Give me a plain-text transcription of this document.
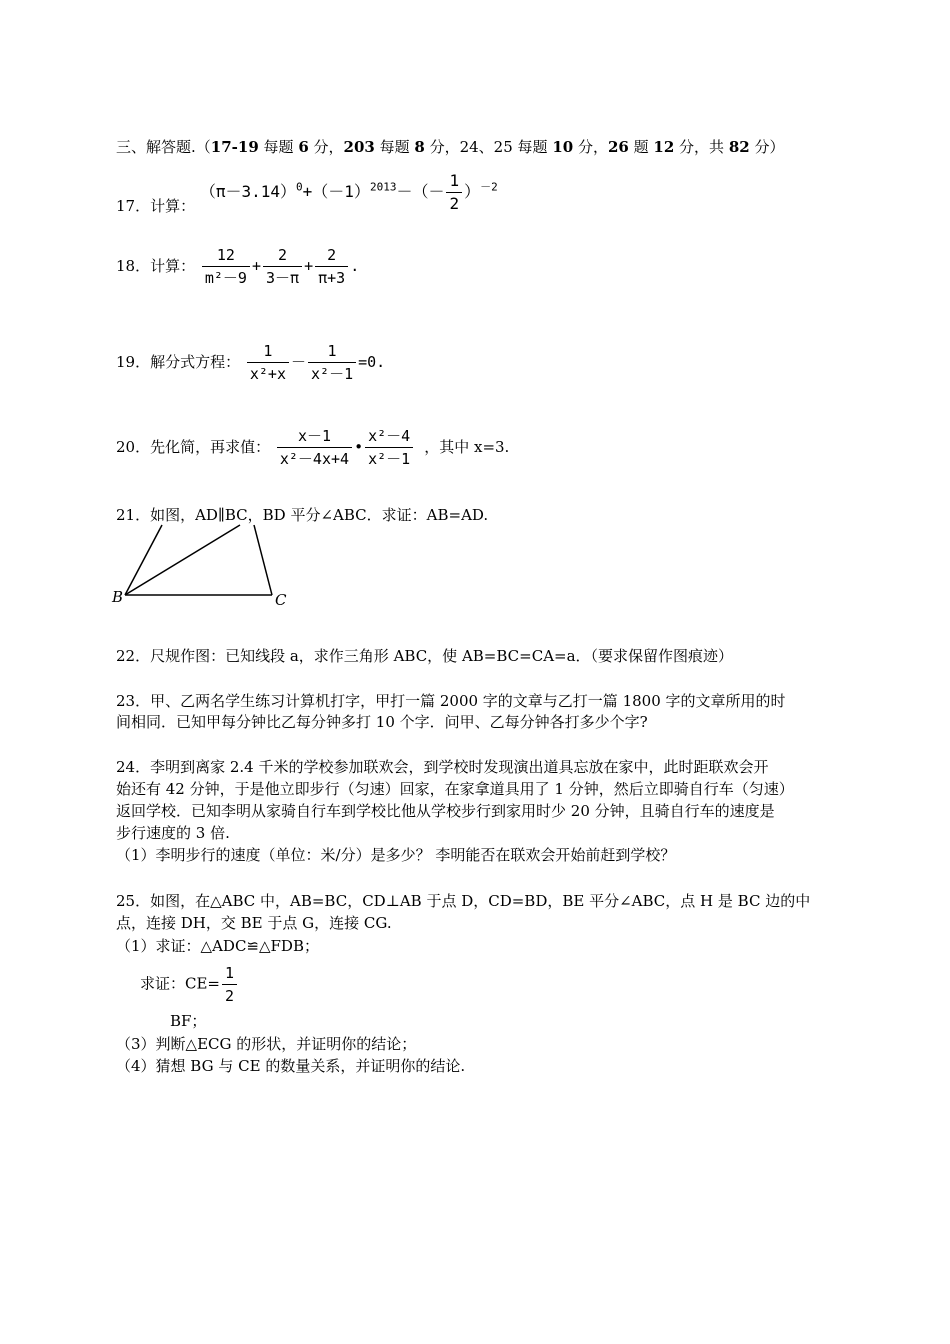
三、解答题.（17-19 每题 6 分，203 每题 8 分，24、25 每题 10 分，26 题 12 分，共 82 分）
17．计算： $(\pi-3.14)^0+(-1)^{2013}-(- \frac{1}{2} )^{-2}$
18．计算： $\frac{12}{\text{m²－9}} + \frac{2}{3-\pi} + \frac{2}{\pi+3}$ .
19．解分式方程： $\frac{1}{\text{x²+x}} - \frac{1}{\text{x²－1}} =0$.
20．先化简，再求值： $\frac{x-1}{\text{x²－4x+4}}$ • $\frac{\text{x²－4}}{\text{x²－1}}$ ，其中 x=3.
21．如图，AD∥BC，BD 平分∠ABC．求证：AB=AD.
B	C
22．尺规作图：已知线段 a，求作三角形 ABC，使 AB=BC=CA=a．（要求保留作图痕迹）
23．甲、乙两名学生练习计算机打字，甲打一篇 2000 字的文章与乙打一篇 1800 字的文章所用的时
间相同．已知甲每分钟比乙每分钟多打 10 个字．问甲、乙每分钟各打多少个字?
24．李明到离家 2.4 千米的学校参加联欢会，到学校时发现演出道具忘放在家中，此时距联欢会开
始还有 42 分钟，于是他立即步行（匀速）回家，在家拿道具用了 1 分钟，然后立即骑自行车（匀速）
返回学校．已知李明从家骑自行车到学校比他从学校步行到家用时少 20 分钟，且骑自行车的速度是
步行速度的 3 倍.
（1）李明步行的速度（单位：米/分）是多少？ 李明能否在联欢会开始前赶到学校？
25．如图，在△ABC 中，AB=BC，CD⊥AB 于点 D，CD=BD，BE 平分∠ABC，点 H 是 BC 边的中
点，连接 DH，交 BE 于点 G，连接 CG.
（1）求证：△ADC≌△FDB；
求证：$CE= \frac{1}{2}$
BF；
（3）判断△ECG 的形状，并证明你的结论；
（4）猜想 BG 与 CE 的数量关系，并证明你的结论.
